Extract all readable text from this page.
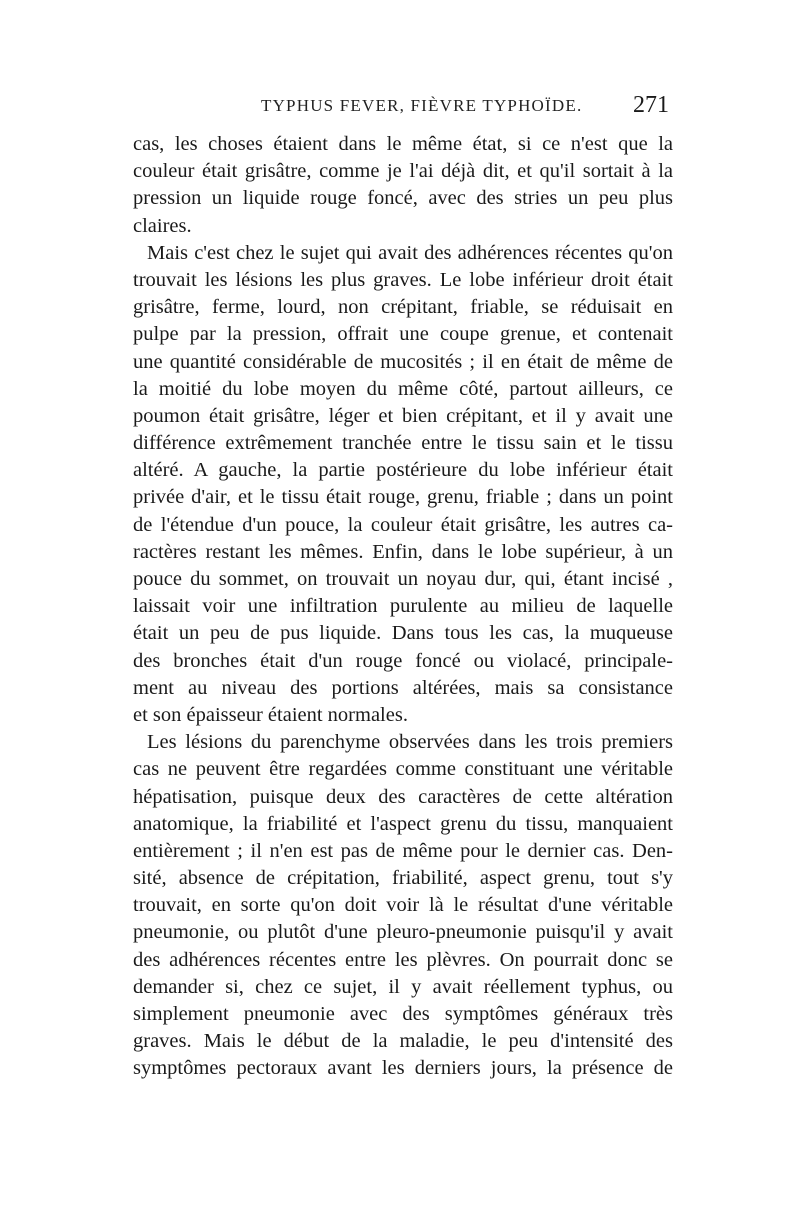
TYPHUS FEVER, FIÈVRE TYPHOÏDE. 271
cas, les choses étaient dans le même état, si ce n'est que la
couleur était grisâtre, comme je l'ai déjà dit, et qu'il sortait à la
pression un liquide rouge foncé, avec des stries un peu plus
claires.
Mais c'est chez le sujet qui avait des adhérences récentes qu'on
trouvait les lésions les plus graves. Le lobe inférieur droit était
grisâtre, ferme, lourd, non crépitant, friable, se réduisait en
pulpe par la pression, offrait une coupe grenue, et contenait
une quantité considérable de mucosités ; il en était de même de
la moitié du lobe moyen du même côté, partout ailleurs, ce
poumon était grisâtre, léger et bien crépitant, et il y avait une
différence extrêmement tranchée entre le tissu sain et le tissu
altéré. A gauche, la partie postérieure du lobe inférieur était
privée d'air, et le tissu était rouge, grenu, friable ; dans un point
de l'étendue d'un pouce, la couleur était grisâtre, les autres ca-
ractères restant les mêmes. Enfin, dans le lobe supérieur, à un
pouce du sommet, on trouvait un noyau dur, qui, étant incisé ,
laissait voir une infiltration purulente au milieu de laquelle
était un peu de pus liquide. Dans tous les cas, la muqueuse
des bronches était d'un rouge foncé ou violacé, principale-
ment au niveau des portions altérées, mais sa consistance
et son épaisseur étaient normales.
Les lésions du parenchyme observées dans les trois premiers
cas ne peuvent être regardées comme constituant une véritable
hépatisation, puisque deux des caractères de cette altération
anatomique, la friabilité et l'aspect grenu du tissu, manquaient
entièrement ; il n'en est pas de même pour le dernier cas. Den-
sité, absence de crépitation, friabilité, aspect grenu, tout s'y
trouvait, en sorte qu'on doit voir là le résultat d'une véritable
pneumonie, ou plutôt d'une pleuro-pneumonie puisqu'il y avait
des adhérences récentes entre les plèvres. On pourrait donc se
demander si, chez ce sujet, il y avait réellement typhus, ou
simplement pneumonie avec des symptômes généraux très
graves. Mais le début de la maladie, le peu d'intensité des
symptômes pectoraux avant les derniers jours, la présence de
